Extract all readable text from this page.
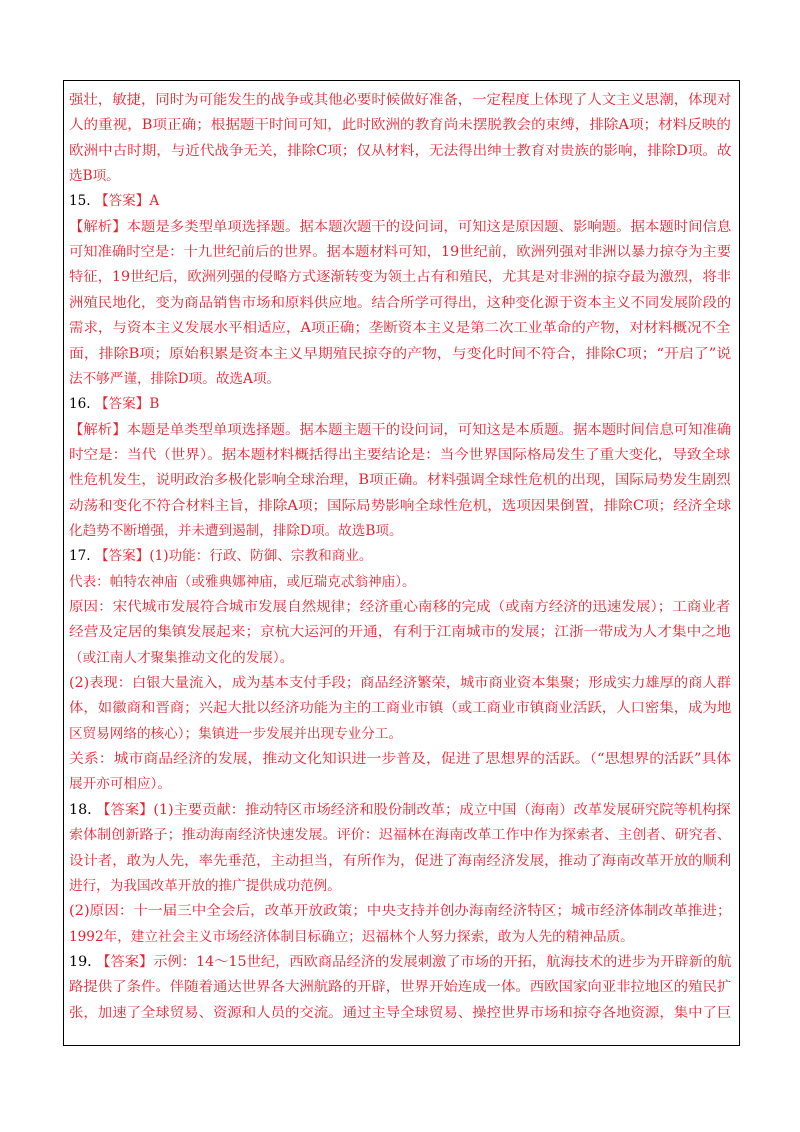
强壮，敏捷，同时为可能发生的战争或其他必要时候做好准备，一定程度上体现了人文主义思潮，体现对
人的重视，B项正确；根据题干时间可知，此时欧洲的教育尚未摆脱教会的束缚，排除A项；材料反映的
欧洲中古时期，与近代战争无关，排除C项；仅从材料，无法得出绅士教育对贵族的影响，排除D项。故
选B项。
15. 【答案】A
【解析】本题是多类型单项选择题。据本题次题干的设问词，可知这是原因题、影响题。据本题时间信息
可知准确时空是：十九世纪前后的世界。据本题材料可知，19世纪前，欧洲列强对非洲以暴力掠夺为主要
特征，19世纪后，欧洲列强的侵略方式逐渐转变为领土占有和殖民，尤其是对非洲的掠夺最为激烈，将非
洲殖民地化，变为商品销售市场和原料供应地。结合所学可得出，这种变化源于资本主义不同发展阶段的
需求，与资本主义发展水平相适应，A项正确；垄断资本主义是第二次工业革命的产物，对材料概况不全
面，排除B项；原始积累是资本主义早期殖民掠夺的产物，与变化时间不符合，排除C项；“开启了”说
法不够严谨，排除D项。故选A项。
16. 【答案】B
【解析】本题是单类型单项选择题。据本题主题干的设问词，可知这是本质题。据本题时间信息可知准确
时空是：当代（世界）。据本题材料概括得出主要结论是：当今世界国际格局发生了重大变化，导致全球
性危机发生，说明政治多极化影响全球治理，B项正确。材料强调全球性危机的出现，国际局势发生剧烈
动荡和变化不符合材料主旨，排除A项；国际局势影响全球性危机，选项因果倒置，排除C项；经济全球
化趋势不断增强，并未遭到遏制，排除D项。故选B项。
17. 【答案】(1)功能：行政、防御、宗教和商业。
代表：帕特农神庙（或雅典娜神庙，或厄瑞克忒翁神庙）。
原因：宋代城市发展符合城市发展自然规律；经济重心南移的完成（或南方经济的迅速发展）；工商业者
经营及定居的集镇发展起来；京杭大运河的开通，有利于江南城市的发展；江浙一带成为人才集中之地
（或江南人才聚集推动文化的发展）。
(2)表现：白银大量流入，成为基本支付手段；商品经济繁荣，城市商业资本集聚；形成实力雄厚的商人群
体，如徽商和晋商；兴起大批以经济功能为主的工商业市镇（或工商业市镇商业活跃，人口密集，成为地
区贸易网络的核心）；集镇进一步发展并出现专业分工。
关系：城市商品经济的发展，推动文化知识进一步普及，促进了思想界的活跃。（“思想界的活跃”具体
展开亦可相应）。
18. 【答案】(1)主要贡献：推动特区市场经济和股份制改革；成立中国（海南）改革发展研究院等机构探
索体制创新路子；推动海南经济快速发展。评价：迟福林在海南改革工作中作为探索者、主创者、研究者、
设计者，敢为人先，率先垂范，主动担当，有所作为，促进了海南经济发展，推动了海南改革开放的顺利
进行，为我国改革开放的推广提供成功范例。
(2)原因：十一届三中全会后，改革开放政策；中央支持并创办海南经济特区；城市经济体制改革推进；
1992年，建立社会主义市场经济体制目标确立；迟福林个人努力探索，敢为人先的精神品质。
19. 【答案】示例：14～15世纪，西欧商品经济的发展刺激了市场的开拓，航海技术的进步为开辟新的航
路提供了条件。伴随着通达世界各大洲航路的开辟，世界开始连成一体。西欧国家向亚非拉地区的殖民扩
张，加速了全球贸易、资源和人员的交流。通过主导全球贸易、操控世界市场和掠夺各地资源，集中了巨
